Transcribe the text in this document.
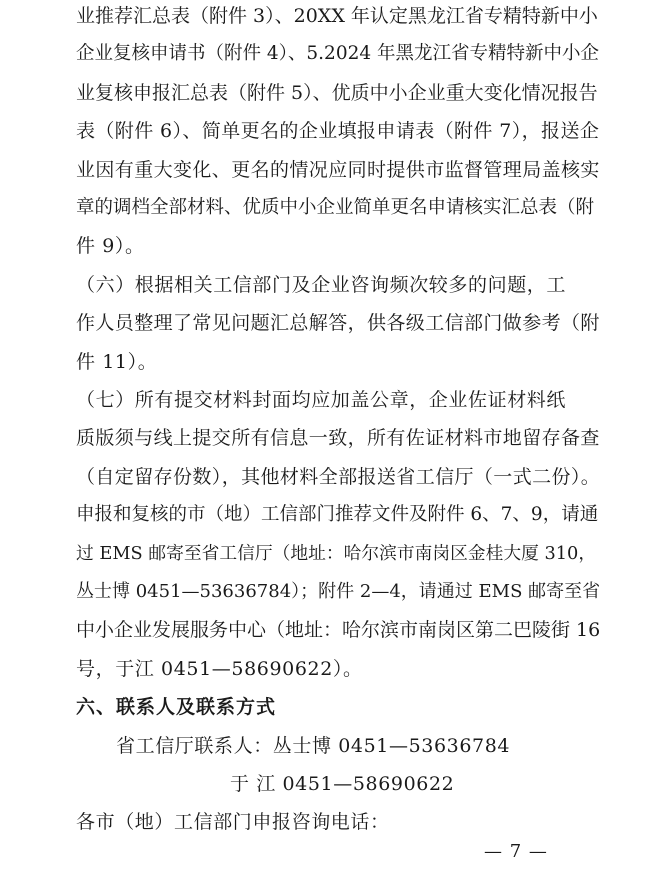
业推荐汇总表（附件 3）、20XX 年认定黑龙江省专精特新中小
企业复核申请书（附件 4）、5.2024 年黑龙江省专精特新中小企
业复核申报汇总表（附件 5）、优质中小企业重大变化情况报告
表（附件 6）、简单更名的企业填报申请表（附件 7），报送企
业因有重大变化、更名的情况应同时提供市监督管理局盖核实
章的调档全部材料、优质中小企业简单更名申请核实汇总表（附
件 9）。
（六）根据相关工信部门及企业咨询频次较多的问题，工
作人员整理了常见问题汇总解答，供各级工信部门做参考（附
件 11）。
（七）所有提交材料封面均应加盖公章，企业佐证材料纸
质版须与线上提交所有信息一致，所有佐证材料市地留存备查
（自定留存份数），其他材料全部报送省工信厅（一式二份）。
申报和复核的市（地）工信部门推荐文件及附件 6、7、9，请通
过 EMS 邮寄至省工信厅（地址：哈尔滨市南岗区金桂大厦 310，
丛士博 0451—53636784）；附件 2—4，请通过 EMS 邮寄至省
中小企业发展服务中心（地址：哈尔滨市南岗区第二巴陵街 16
号，于江 0451—58690622）。
六、联系人及联系方式
省工信厅联系人：丛士博 0451—53636784
于 江 0451—58690622
各市（地）工信部门申报咨询电话：
— 7 —
